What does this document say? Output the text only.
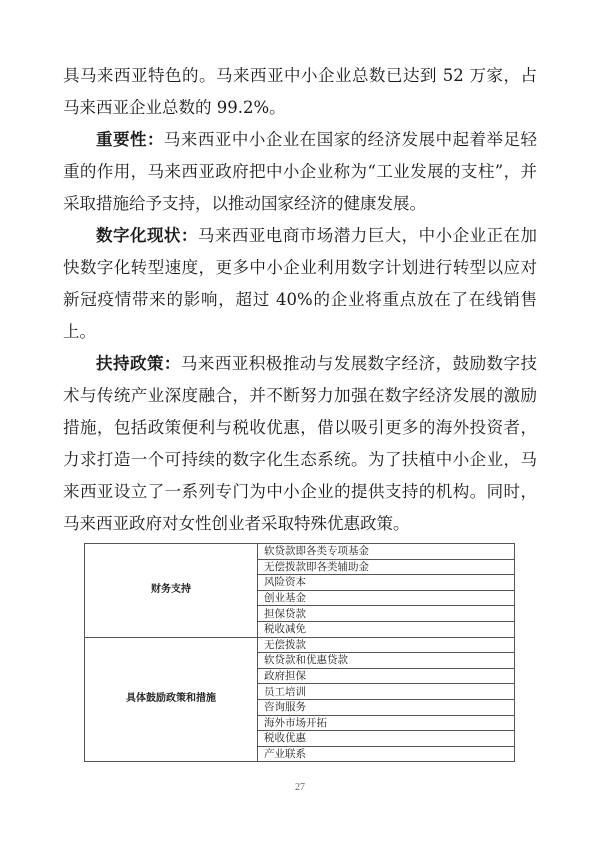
具马来西亚特色的。马来西亚中小企业总数已达到 52 万家，占马来西亚企业总数的 99.2%。

重要性：马来西亚中小企业在国家的经济发展中起着举足轻重的作用，马来西亚政府把中小企业称为“工业发展的支柱”，并采取措施给予支持，以推动国家经济的健康发展。

数字化现状：马来西亚电商市场潜力巨大，中小企业正在加快数字化转型速度，更多中小企业利用数字计划进行转型以应对新冠疫情带来的影响，超过 40%的企业将重点放在了在线销售上。

扶持政策：马来西亚积极推动与发展数字经济，鼓励数字技术与传统产业深度融合，并不断努力加强在数字经济发展的激励措施，包括政策便利与税收优惠，借以吸引更多的海外投资者，力求打造一个可持续的数字化生态系统。为了扶植中小企业，马来西亚设立了一系列专门为中小企业的提供支持的机构。同时，马来西亚政府对女性创业者采取特殊优惠政策。

财务支持	软贷款即各类专项基金
	无偿拨款即各类辅助金
	风险资本
	创业基金
	担保贷款
	税收减免
具体鼓励政策和措施	无偿拨款
	软贷款和优惠贷款
	政府担保
	员工培训
	咨询服务
	海外市场开拓
	税收优惠
	产业联系
27
